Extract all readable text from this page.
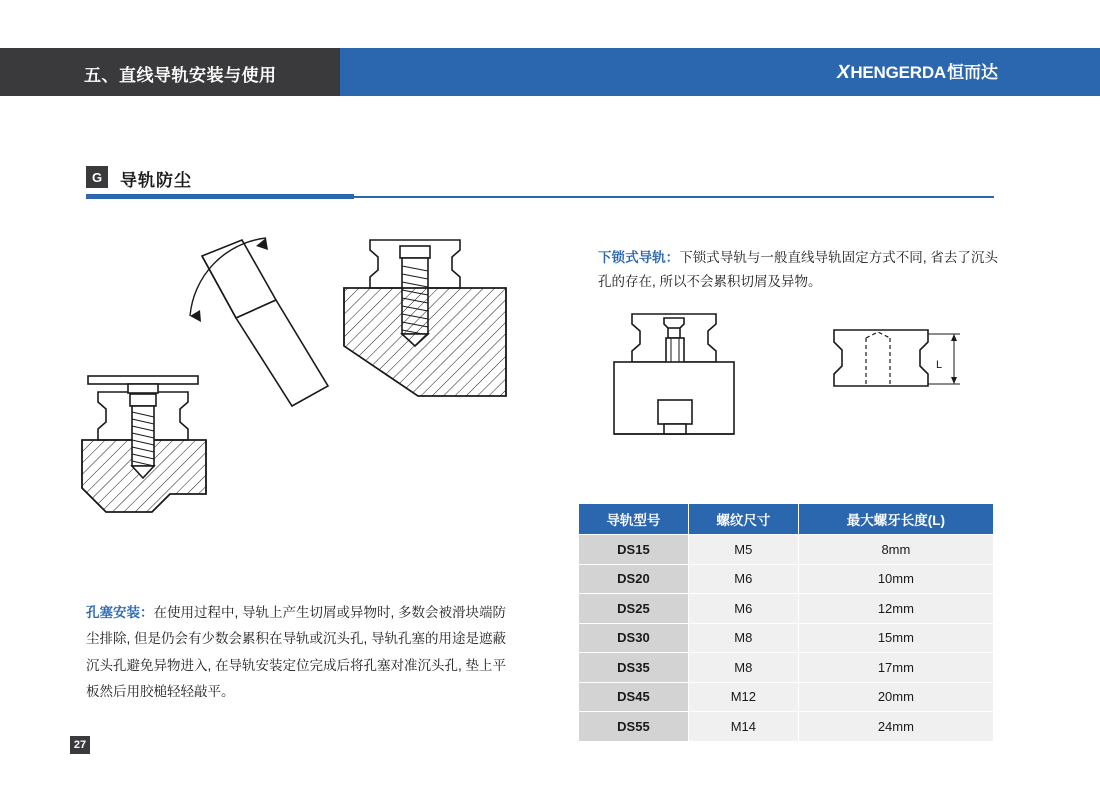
五、直线导轨安装与使用	X HENGERDA 恒而达
G	导轨防尘
下锁式导轨：下锁式导轨与一般直线导轨固定方式不同, 省去了沉头孔的存在, 所以不会累积切屑及异物。
L
导轨型号	螺纹尺寸	最大螺牙长度(L)
DS15	M5	8mm
DS20	M6	10mm
DS25	M6	12mm
DS30	M8	15mm
DS35	M8	17mm
DS45	M12	20mm
DS55	M14	24mm
孔塞安装：在使用过程中, 导轨上产生切屑或异物时, 多数会被滑块端防尘排除, 但是仍会有少数会累积在导轨或沉头孔, 导轨孔塞的用途是遮蔽沉头孔避免异物进入, 在导轨安装定位完成后将孔塞对准沉头孔, 垫上平板然后用胶槌轻轻敲平。
27
